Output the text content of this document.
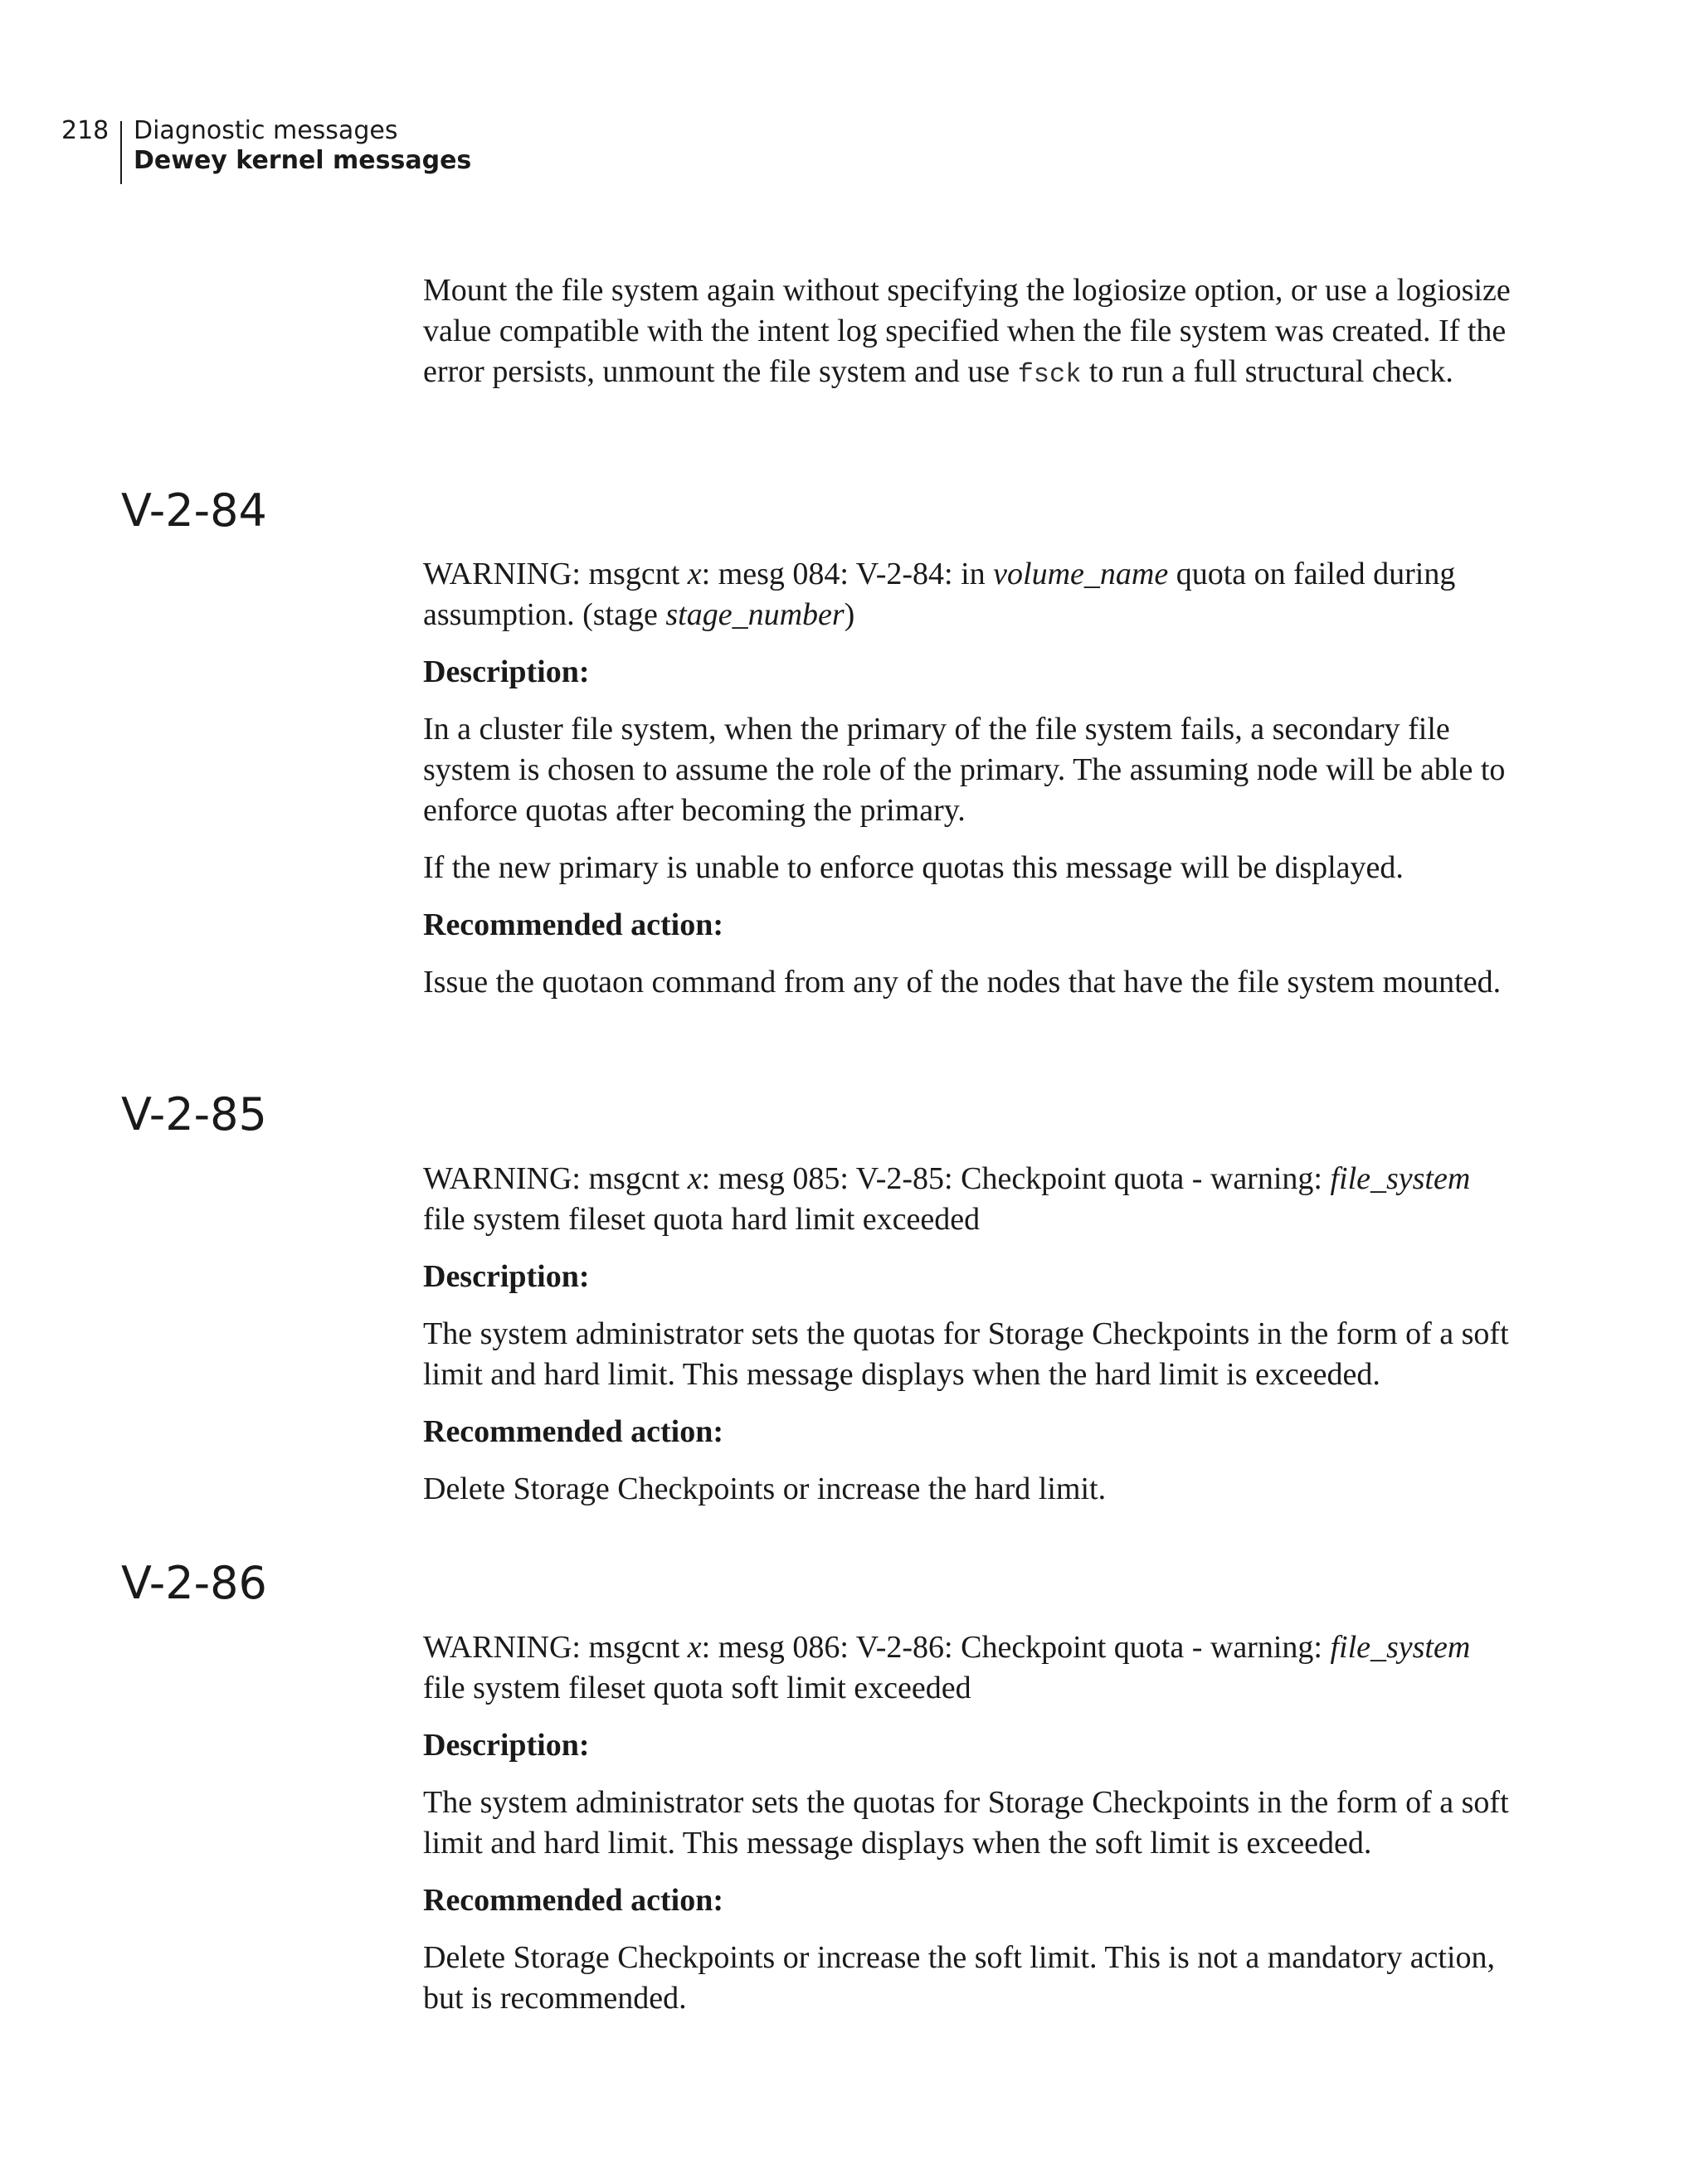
218 Diagnostic messages
Dewey kernel messages

Mount the file system again without specifying the logiosize option, or use a logiosize value compatible with the intent log specified when the file system was created. If the error persists, unmount the file system and use fsck to run a full structural check.

V-2-84

WARNING: msgcnt x: mesg 084: V-2-84: in volume_name quota on failed during assumption. (stage stage_number)

Description:

In a cluster file system, when the primary of the file system fails, a secondary file system is chosen to assume the role of the primary. The assuming node will be able to enforce quotas after becoming the primary.

If the new primary is unable to enforce quotas this message will be displayed.

Recommended action:

Issue the quotaon command from any of the nodes that have the file system mounted.

V-2-85

WARNING: msgcnt x: mesg 085: V-2-85: Checkpoint quota - warning: file_system file system fileset quota hard limit exceeded

Description:

The system administrator sets the quotas for Storage Checkpoints in the form of a soft limit and hard limit. This message displays when the hard limit is exceeded.

Recommended action:

Delete Storage Checkpoints or increase the hard limit.

V-2-86

WARNING: msgcnt x: mesg 086: V-2-86: Checkpoint quota - warning: file_system file system fileset quota soft limit exceeded

Description:

The system administrator sets the quotas for Storage Checkpoints in the form of a soft limit and hard limit. This message displays when the soft limit is exceeded.

Recommended action:

Delete Storage Checkpoints or increase the soft limit. This is not a mandatory action, but is recommended.
